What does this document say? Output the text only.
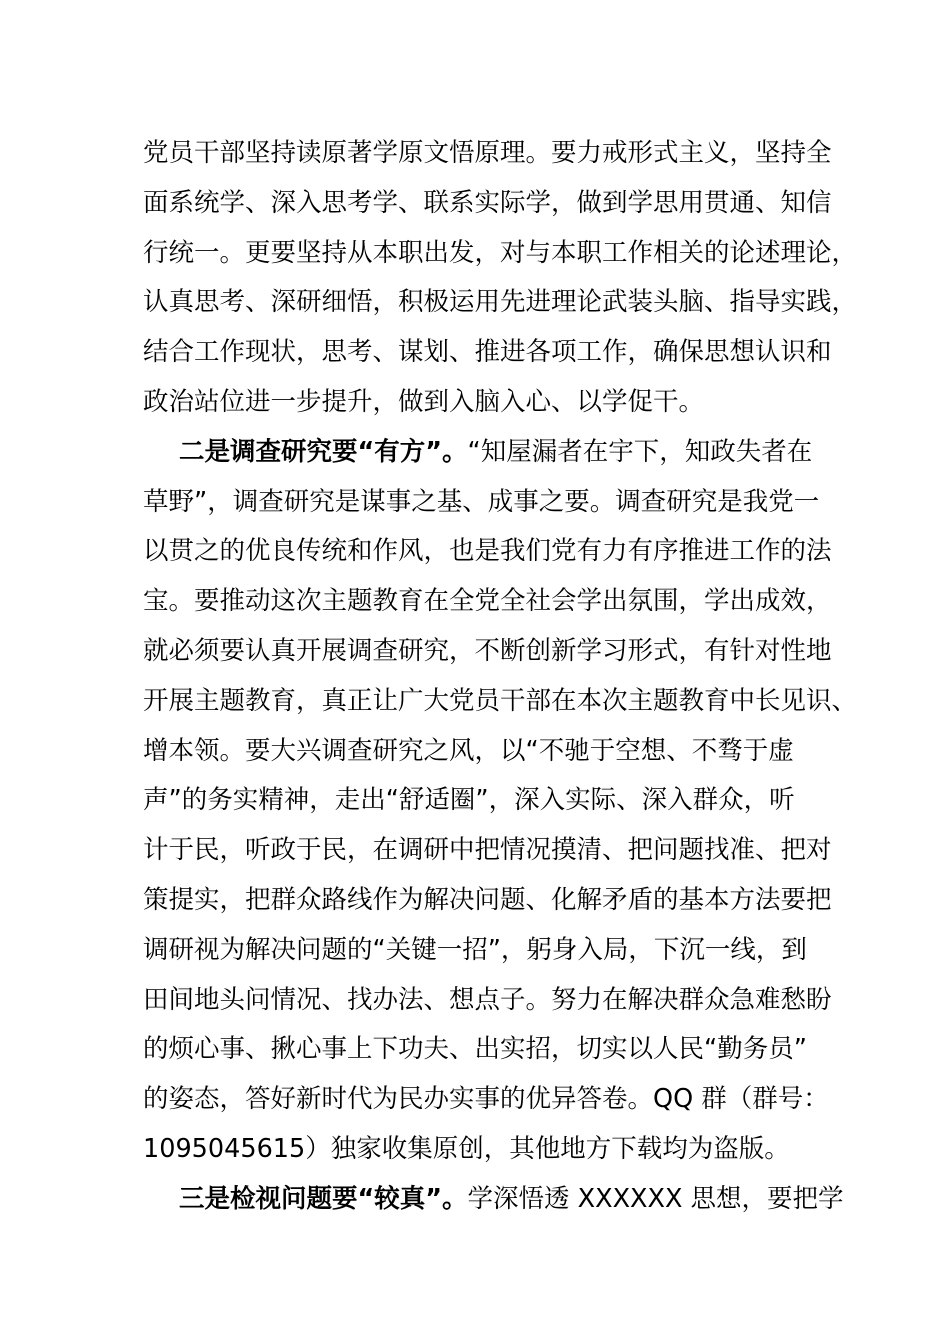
党员干部坚持读原著学原文悟原理。要力戒形式主义，坚持全
面系统学、深入思考学、联系实际学，做到学思用贯通、知信
行统一。更要坚持从本职出发，对与本职工作相关的论述理论，
认真思考、深研细悟，积极运用先进理论武装头脑、指导实践，
结合工作现状，思考、谋划、推进各项工作，确保思想认识和
政治站位进一步提升，做到入脑入心、以学促干。
二是调查研究要“有方”。“知屋漏者在宇下，知政失者在
草野”，调查研究是谋事之基、成事之要。调查研究是我党一
以贯之的优良传统和作风，也是我们党有力有序推进工作的法
宝。要推动这次主题教育在全党全社会学出氛围，学出成效，
就必须要认真开展调查研究，不断创新学习形式，有针对性地
开展主题教育，真正让广大党员干部在本次主题教育中长见识、
增本领。要大兴调查研究之风，以“不驰于空想、不骛于虚
声”的务实精神，走出“舒适圈”，深入实际、深入群众，听
计于民，听政于民，在调研中把情况摸清、把问题找准、把对
策提实，把群众路线作为解决问题、化解矛盾的基本方法要把
调研视为解决问题的“关键一招”，躬身入局，下沉一线，到
田间地头问情况、找办法、想点子。努力在解决群众急难愁盼
的烦心事、揪心事上下功夫、出实招，切实以人民“勤务员”
的姿态，答好新时代为民办实事的优异答卷。QQ 群（群号：
1095045615）独家收集原创，其他地方下载均为盗版。
三是检视问题要“较真”。学深悟透 XXXXXX 思想，要把学
